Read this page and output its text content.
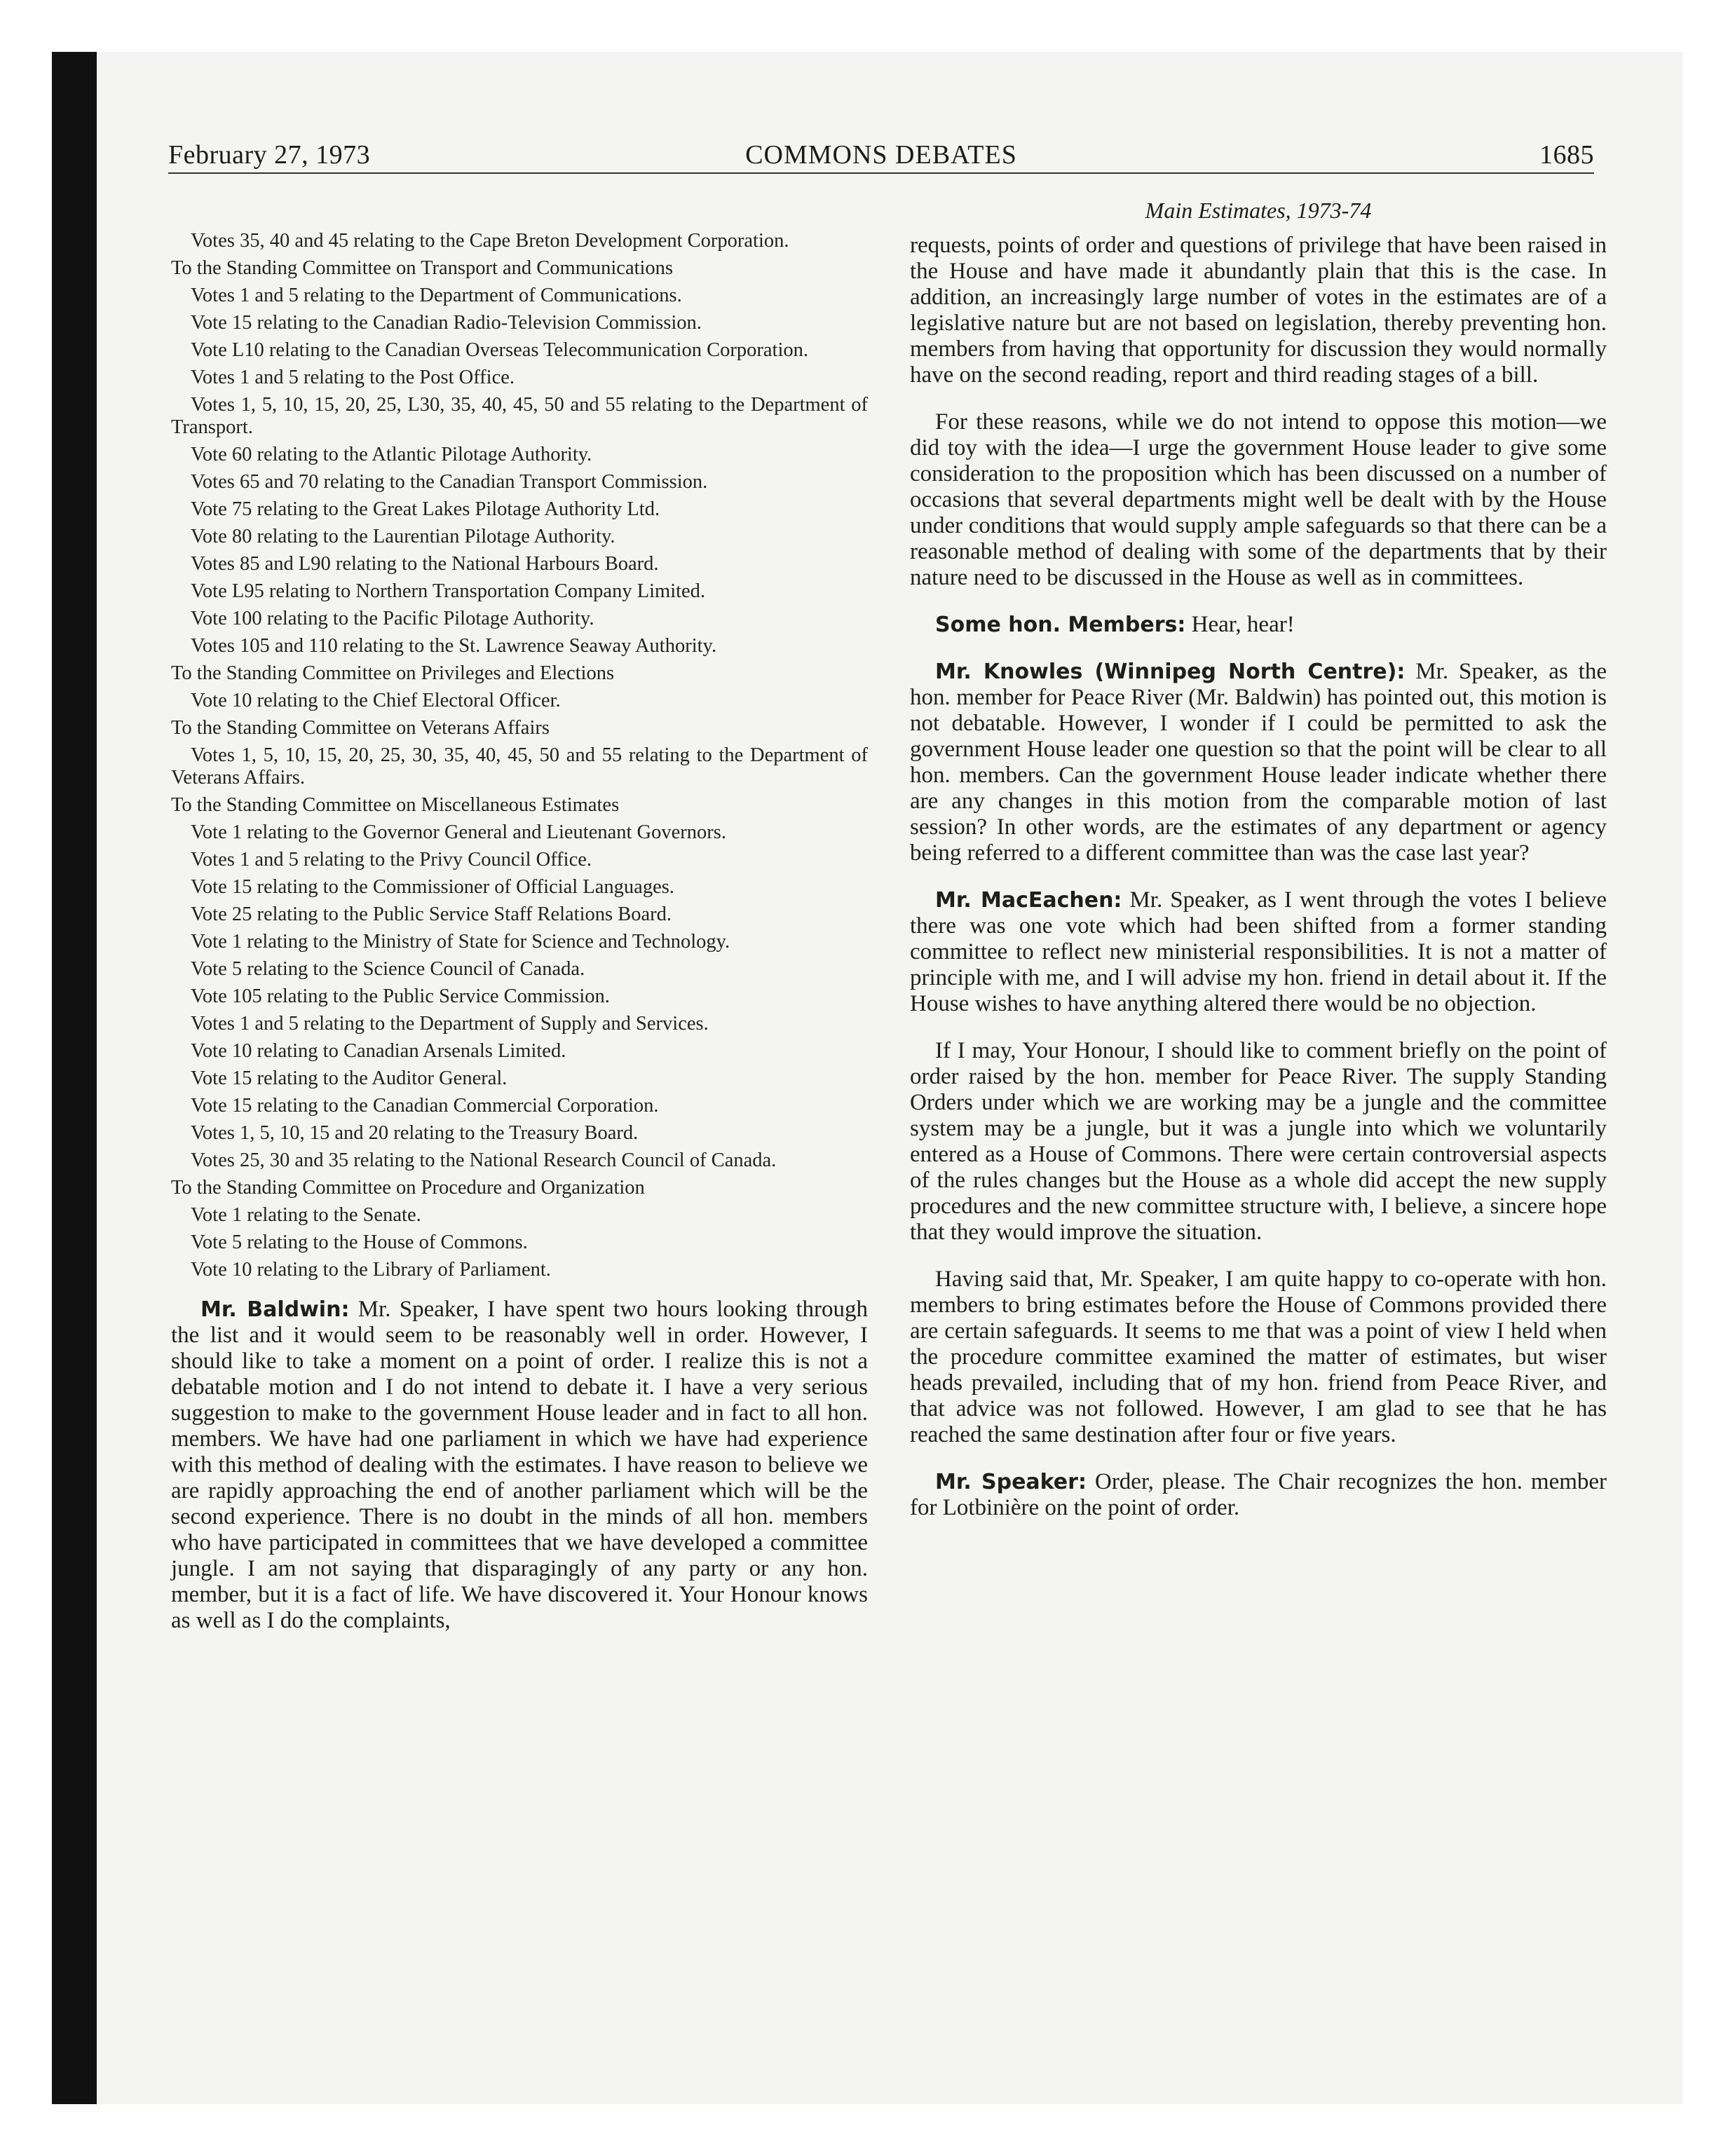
February 27, 1973	COMMONS DEBATES	1685
Votes 35, 40 and 45 relating to the Cape Breton Development Corporation.
To the Standing Committee on Transport and Communications
Votes 1 and 5 relating to the Department of Communications.
Vote 15 relating to the Canadian Radio-Television Commission.
Vote L10 relating to the Canadian Overseas Telecommunication Corporation.
Votes 1 and 5 relating to the Post Office.
Votes 1, 5, 10, 15, 20, 25, L30, 35, 40, 45, 50 and 55 relating to the Department of Transport.
Vote 60 relating to the Atlantic Pilotage Authority.
Votes 65 and 70 relating to the Canadian Transport Commission.
Vote 75 relating to the Great Lakes Pilotage Authority Ltd.
Vote 80 relating to the Laurentian Pilotage Authority.
Votes 85 and L90 relating to the National Harbours Board.
Vote L95 relating to Northern Transportation Company Limited.
Vote 100 relating to the Pacific Pilotage Authority.
Votes 105 and 110 relating to the St. Lawrence Seaway Authority.
To the Standing Committee on Privileges and Elections
Vote 10 relating to the Chief Electoral Officer.
To the Standing Committee on Veterans Affairs
Votes 1, 5, 10, 15, 20, 25, 30, 35, 40, 45, 50 and 55 relating to the Department of Veterans Affairs.
To the Standing Committee on Miscellaneous Estimates
Vote 1 relating to the Governor General and Lieutenant Governors.
Votes 1 and 5 relating to the Privy Council Office.
Vote 15 relating to the Commissioner of Official Languages.
Vote 25 relating to the Public Service Staff Relations Board.
Vote 1 relating to the Ministry of State for Science and Technology.
Vote 5 relating to the Science Council of Canada.
Vote 105 relating to the Public Service Commission.
Votes 1 and 5 relating to the Department of Supply and Services.
Vote 10 relating to Canadian Arsenals Limited.
Vote 15 relating to the Auditor General.
Vote 15 relating to the Canadian Commercial Corporation.
Votes 1, 5, 10, 15 and 20 relating to the Treasury Board.
Votes 25, 30 and 35 relating to the National Research Council of Canada.
To the Standing Committee on Procedure and Organization
Vote 1 relating to the Senate.
Vote 5 relating to the House of Commons.
Vote 10 relating to the Library of Parliament.
Mr. Baldwin: Mr. Speaker, I have spent two hours looking through the list and it would seem to be reasonably well in order. However, I should like to take a moment on a point of order. I realize this is not a debatable motion and I do not intend to debate it. I have a very serious suggestion to make to the government House leader and in fact to all hon. members. We have had one parliament in which we have had experience with this method of dealing with the estimates. I have reason to believe we are rapidly approaching the end of another parliament which will be the second experience. There is no doubt in the minds of all hon. members who have participated in committees that we have developed a committee jungle. I am not saying that disparagingly of any party or any hon. member, but it is a fact of life. We have discovered it. Your Honour knows as well as I do the complaints,
Main Estimates, 1973-74

requests, points of order and questions of privilege that have been raised in the House and have made it abundantly plain that this is the case. In addition, an increasingly large number of votes in the estimates are of a legislative nature but are not based on legislation, thereby preventing hon. members from having that opportunity for discussion they would normally have on the second reading, report and third reading stages of a bill.

For these reasons, while we do not intend to oppose this motion—we did toy with the idea—I urge the government House leader to give some consideration to the proposition which has been discussed on a number of occasions that several departments might well be dealt with by the House under conditions that would supply ample safeguards so that there can be a reasonable method of dealing with some of the departments that by their nature need to be discussed in the House as well as in committees.

Some hon. Members: Hear, hear!

Mr. Knowles (Winnipeg North Centre): Mr. Speaker, as the hon. member for Peace River (Mr. Baldwin) has pointed out, this motion is not debatable. However, I wonder if I could be permitted to ask the government House leader one question so that the point will be clear to all hon. members. Can the government House leader indicate whether there are any changes in this motion from the comparable motion of last session? In other words, are the estimates of any department or agency being referred to a different committee than was the case last year?

Mr. MacEachen: Mr. Speaker, as I went through the votes I believe there was one vote which had been shifted from a former standing committee to reflect new ministerial responsibilities. It is not a matter of principle with me, and I will advise my hon. friend in detail about it. If the House wishes to have anything altered there would be no objection.

If I may, Your Honour, I should like to comment briefly on the point of order raised by the hon. member for Peace River. The supply Standing Orders under which we are working may be a jungle and the committee system may be a jungle, but it was a jungle into which we voluntarily entered as a House of Commons. There were certain controversial aspects of the rules changes but the House as a whole did accept the new supply procedures and the new committee structure with, I believe, a sincere hope that they would improve the situation.

Having said that, Mr. Speaker, I am quite happy to co-operate with hon. members to bring estimates before the House of Commons provided there are certain safeguards. It seems to me that was a point of view I held when the procedure committee examined the matter of estimates, but wiser heads prevailed, including that of my hon. friend from Peace River, and that advice was not followed. However, I am glad to see that he has reached the same destination after four or five years.

Mr. Speaker: Order, please. The Chair recognizes the hon. member for Lotbinière on the point of order.
